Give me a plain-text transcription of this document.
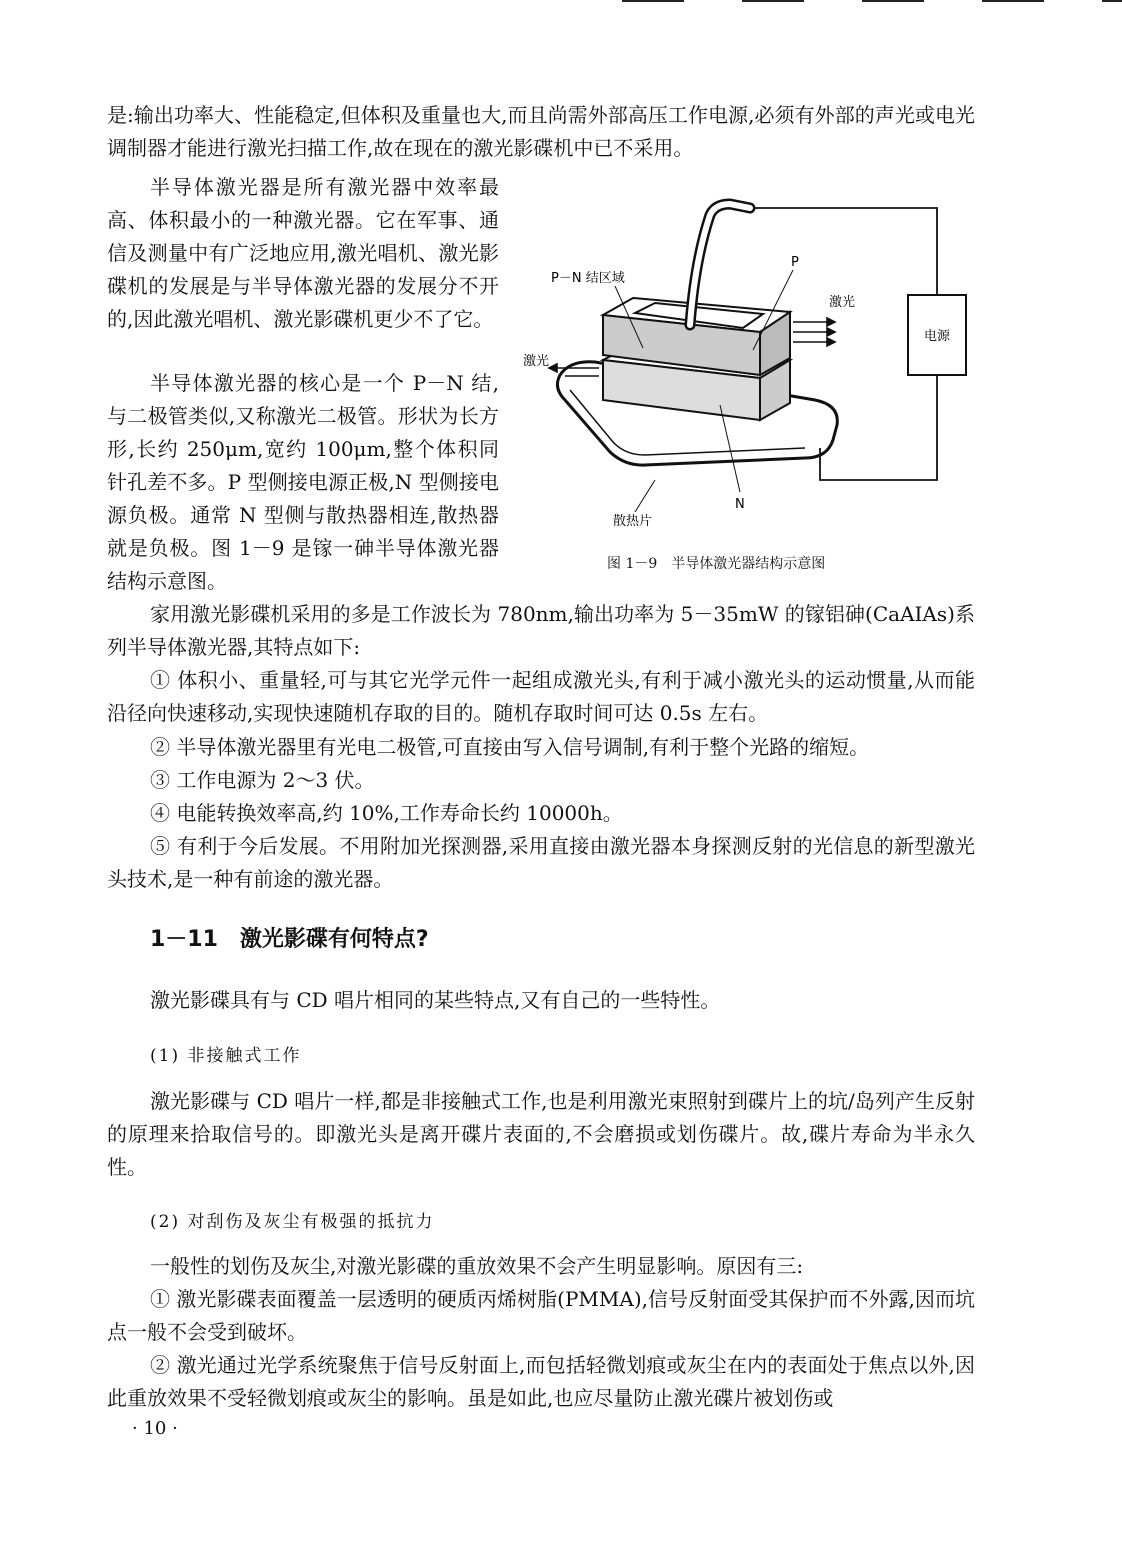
是:输出功率大、性能稳定,但体积及重量也大,而且尚需外部高压工作电源,必须有外部的声光或电光调制器才能进行激光扫描工作,故在现在的激光影碟机中已不采用。

半导体激光器是所有激光器中效率最高、体积最小的一种激光器。它在军事、通信及测量中有广泛地应用,激光唱机、激光影碟机的发展是与半导体激光器的发展分不开的,因此激光唱机、激光影碟机更少不了它。

半导体激光器的核心是一个 P－N 结,与二极管类似,又称激光二极管。形状为长方形,长约 250μm,宽约 100μm,整个体积同针孔差不多。P 型侧接电源正极,N 型侧接电源负极。通常 N 型侧与散热器相连,散热器就是负极。图 1－9 是镓一砷半导体激光器结构示意图。

电源
P－N 结区域
P
激光
激光
N
散热片

图 1－9　半导体激光器结构示意图

家用激光影碟机采用的多是工作波长为 780nm,输出功率为 5－35mW 的镓铝砷(CaAIAs)系列半导体激光器,其特点如下:

① 体积小、重量轻,可与其它光学元件一起组成激光头,有利于减小激光头的运动惯量,从而能沿径向快速移动,实现快速随机存取的目的。随机存取时间可达 0.5s 左右。

② 半导体激光器里有光电二极管,可直接由写入信号调制,有利于整个光路的缩短。

③ 工作电源为 2～3 伏。

④ 电能转换效率高,约 10%,工作寿命长约 10000h。

⑤ 有利于今后发展。不用附加光探测器,采用直接由激光器本身探测反射的光信息的新型激光头技术,是一种有前途的激光器。

1－11　激光影碟有何特点?

激光影碟具有与 CD 唱片相同的某些特点,又有自己的一些特性。

(1) 非接触式工作

激光影碟与 CD 唱片一样,都是非接触式工作,也是利用激光束照射到碟片上的坑/岛列产生反射的原理来拾取信号的。即激光头是离开碟片表面的,不会磨损或划伤碟片。故,碟片寿命为半永久性。

(2) 对刮伤及灰尘有极强的抵抗力

一般性的划伤及灰尘,对激光影碟的重放效果不会产生明显影响。原因有三:

① 激光影碟表面覆盖一层透明的硬质丙烯树脂(PMMA),信号反射面受其保护而不外露,因而坑点一般不会受到破坏。

② 激光通过光学系统聚焦于信号反射面上,而包括轻微划痕或灰尘在内的表面处于焦点以外,因此重放效果不受轻微划痕或灰尘的影响。虽是如此,也应尽量防止激光碟片被划伤或

· 10 ·
